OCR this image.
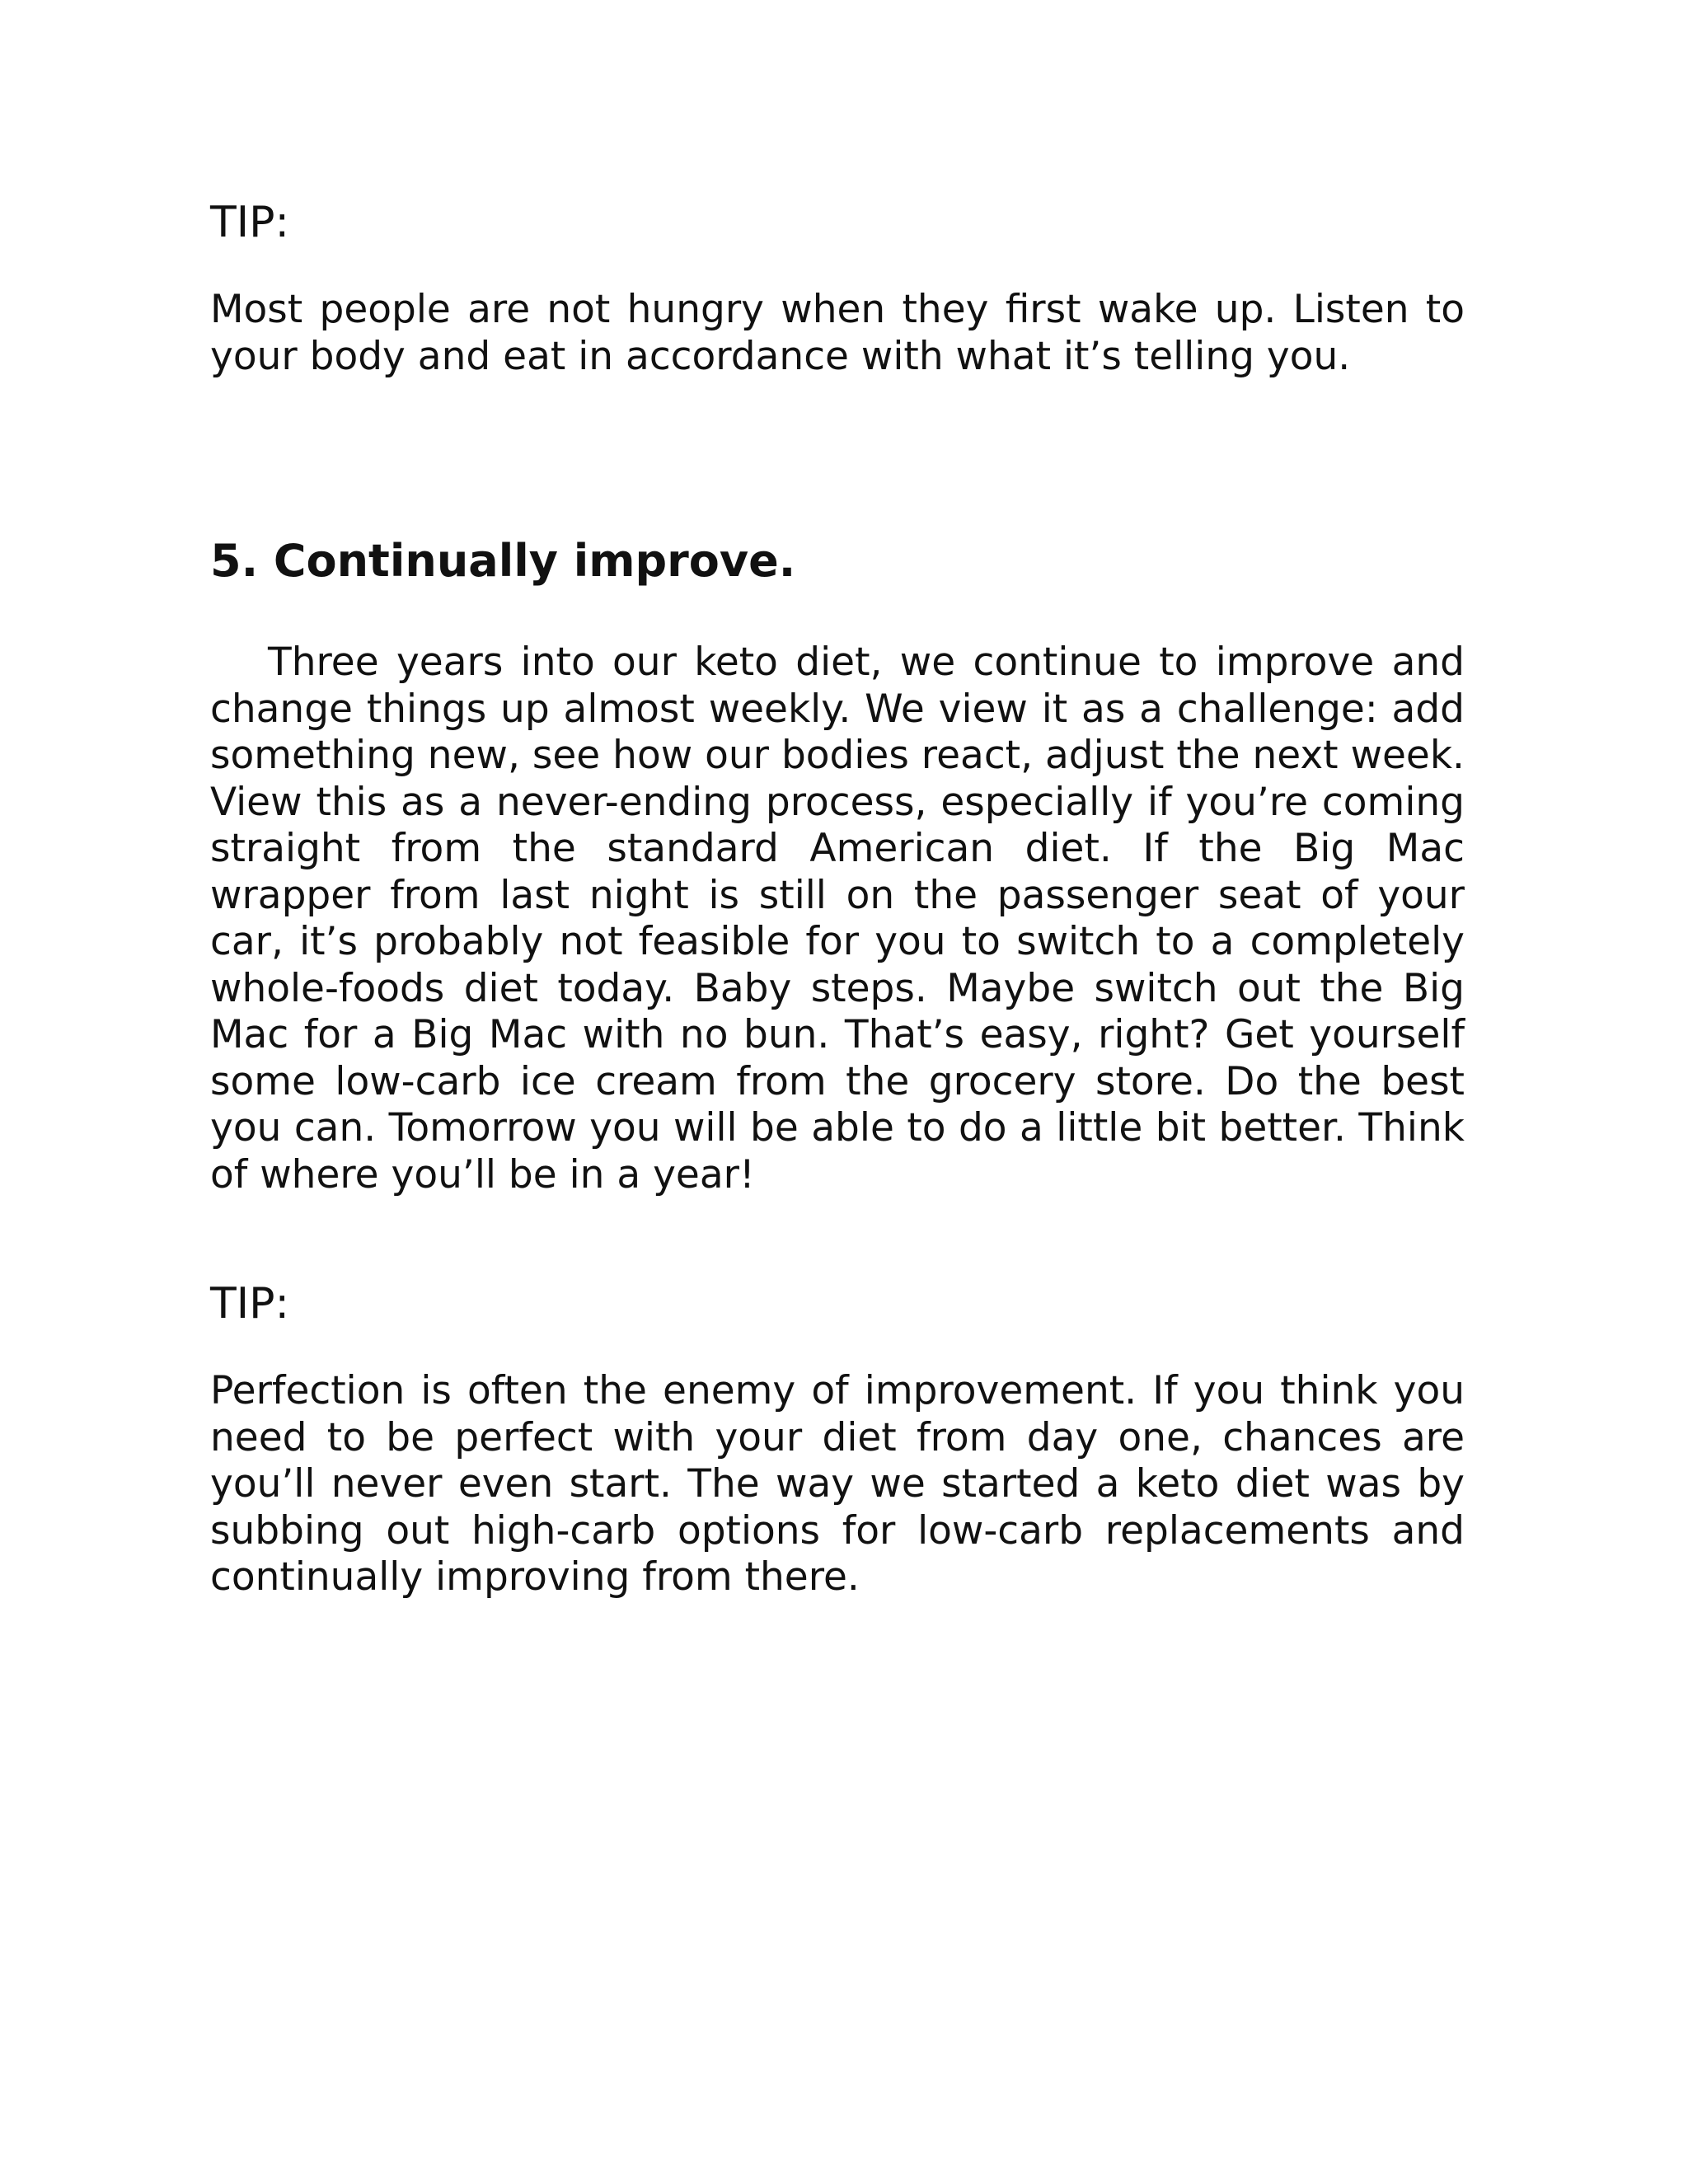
TIP:

Most people are not hungry when they first wake up. Listen to your body and eat in accordance with what it’s telling you.

5. Continually improve.

Three years into our keto diet, we continue to improve and change things up almost weekly. We view it as a challenge: add something new, see how our bodies react, adjust the next week. View this as a never-ending process, especially if you’re coming straight from the standard American diet. If the Big Mac wrapper from last night is still on the passenger seat of your car, it’s probably not feasible for you to switch to a completely whole-foods diet today. Baby steps. Maybe switch out the Big Mac for a Big Mac with no bun. That’s easy, right? Get yourself some low-carb ice cream from the grocery store. Do the best you can. Tomorrow you will be able to do a little bit better. Think of where you’ll be in a year!

TIP:

Perfection is often the enemy of improvement. If you think you need to be perfect with your diet from day one, chances are you’ll never even start. The way we started a keto diet was by subbing out high-carb options for low-carb replacements and continually improving from there.
